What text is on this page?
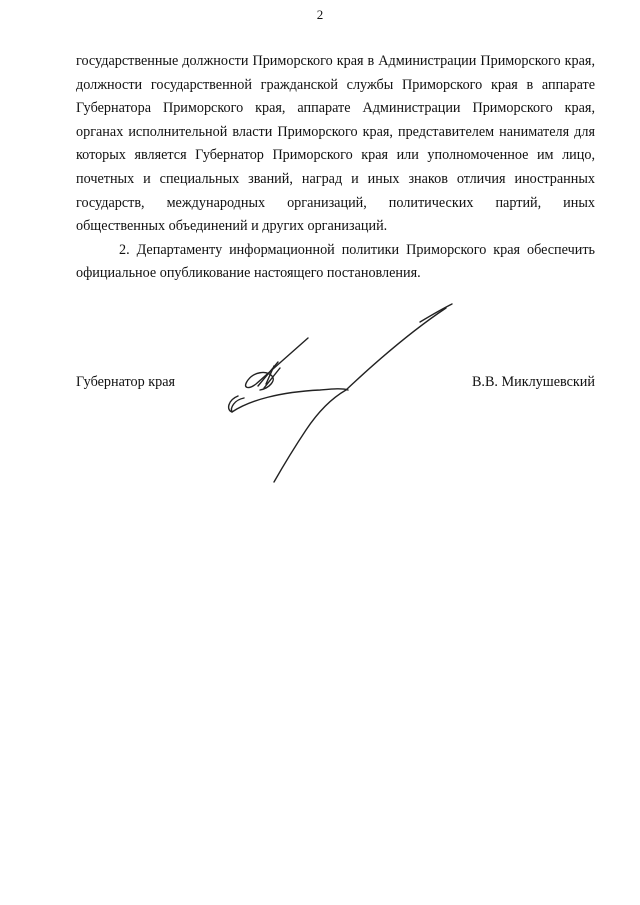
2

государственные должности Приморского края в Администрации Приморского края, должности государственной гражданской службы Приморского края в аппарате Губернатора Приморского края, аппарате Администрации Приморского края, органах исполнительной власти Приморского края, представителем нанимателя для которых является Губернатор Приморского края или уполномоченное им лицо, почетных и специальных званий, наград и иных знаков отличия иностранных государств, международных организаций, политических партий, иных общественных объединений и других организаций.

2. Департаменту информационной политики Приморского края обеспечить официальное опубликование настоящего постановления.

Губернатор края	В.В. Миклушевский
